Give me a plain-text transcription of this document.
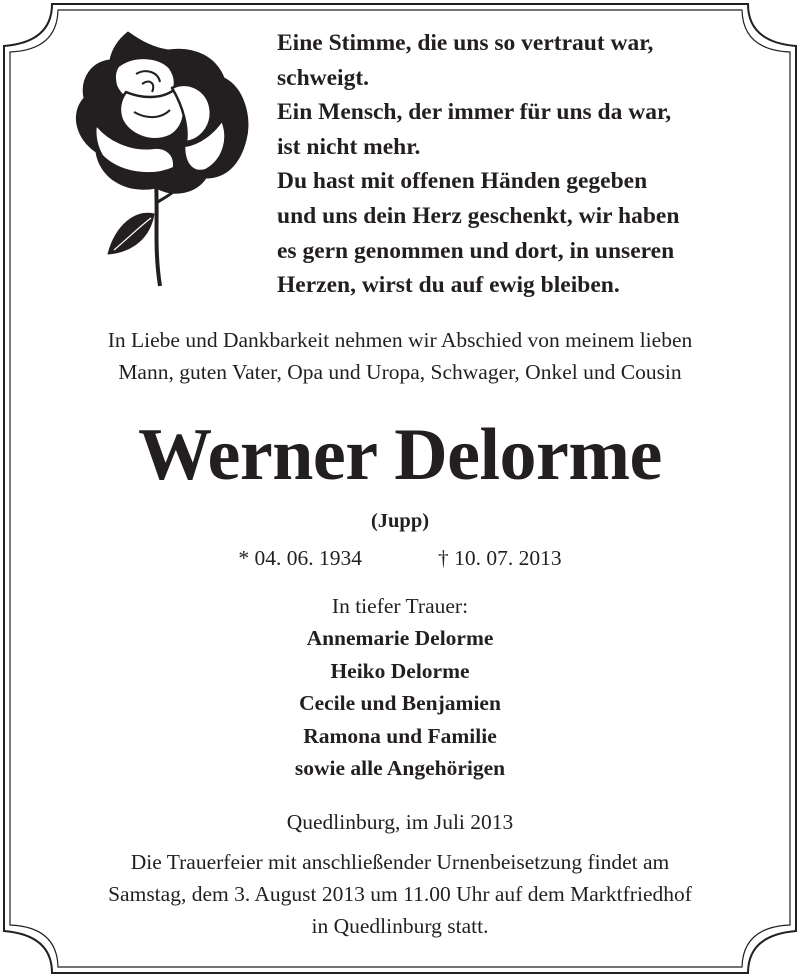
Eine Stimme, die uns so vertraut war,
schweigt.
Ein Mensch, der immer für uns da war,
ist nicht mehr.
Du hast mit offenen Händen gegeben
und uns dein Herz geschenkt, wir haben
es gern genommen und dort, in unseren
Herzen, wirst du auf ewig bleiben.
In Liebe und Dankbarkeit nehmen wir Abschied von meinem lieben
Mann, guten Vater, Opa und Uropa, Schwager, Onkel und Cousin
Werner Delorme
(Jupp)
* 04. 06. 1934	† 10. 07. 2013
In tiefer Trauer:
Annemarie Delorme
Heiko Delorme
Cecile und Benjamien
Ramona und Familie
sowie alle Angehörigen
Quedlinburg, im Juli 2013
Die Trauerfeier mit anschließender Urnenbeisetzung findet am
Samstag, dem 3. August 2013 um 11.00 Uhr auf dem Marktfriedhof
in Quedlinburg statt.
